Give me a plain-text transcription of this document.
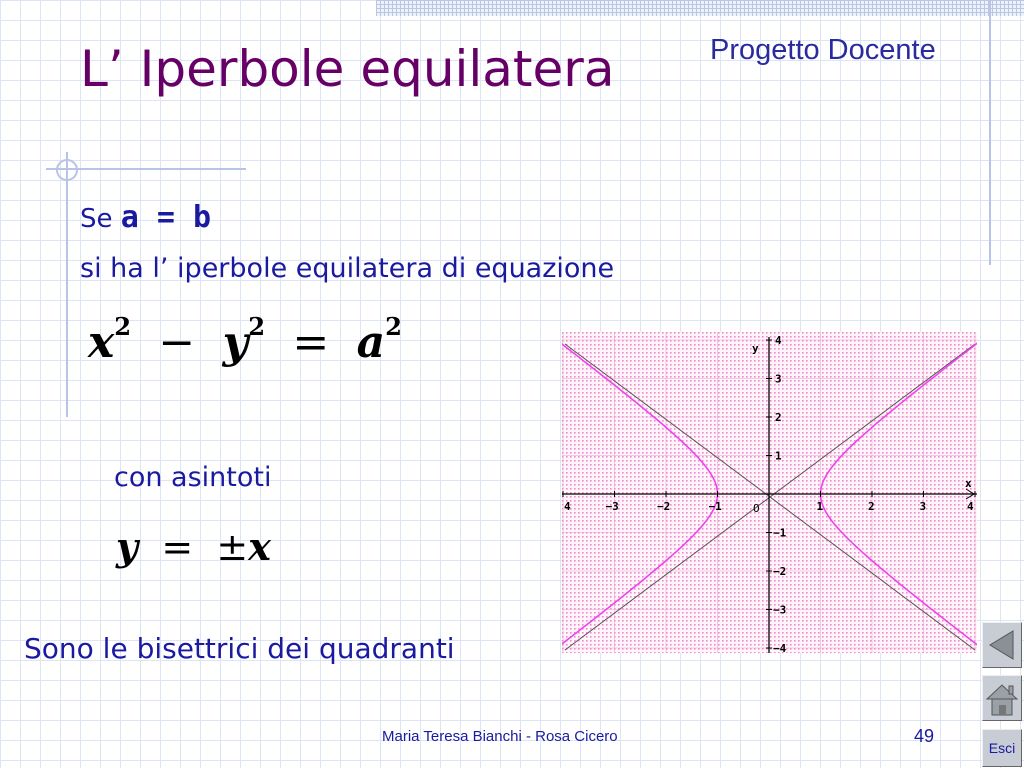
L’ Iperbole equilatera	Progetto Docente
Se a = b
si ha l’ iperbole equilatera di equazione
$x^2 - y^2 = a^2$
con asintoti
y = ±x
Sono le bisettrici dei quadranti
4	−3	−2	−1	1	2	3	4
4
3
2
1
−1
−2
−3
−4
x
y
O
Maria Teresa Bianchi - Rosa Cicero	49
Esci
